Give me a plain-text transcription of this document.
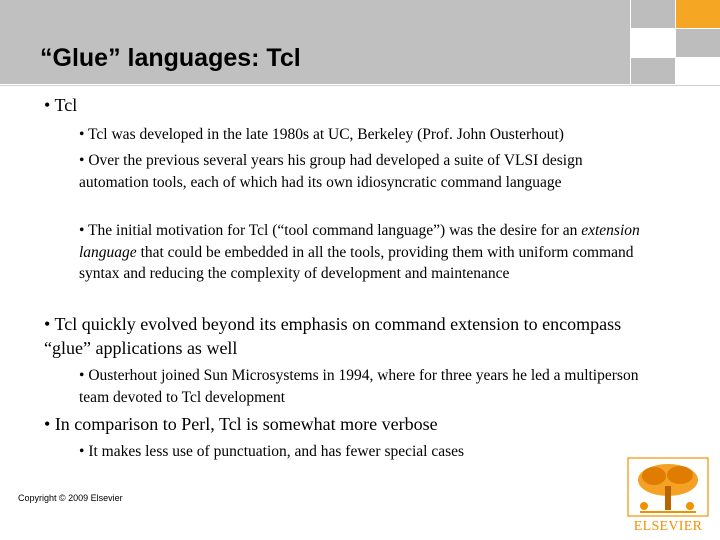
“Glue” languages: Tcl
• Tcl
• Tcl was developed in the late 1980s at UC, Berkeley (Prof. John Ousterhout)
• Over the previous several years his group had developed a suite of VLSI design automation tools, each of which had its own idiosyncratic command language
• The initial motivation for Tcl (“tool command language”) was the desire for an extension language that could be embedded in all the tools, providing them with uniform command syntax and reducing the complexity of development and maintenance
• Tcl quickly evolved beyond its emphasis on command extension to encompass “glue” applications as well
• Ousterhout joined Sun Microsystems in 1994, where for three years he led a multiperson team devoted to Tcl development
• In comparison to Perl, Tcl is somewhat more verbose
• It makes less use of punctuation, and has fewer special cases
Copyright © 2009 Elsevier
ELSEVIER
